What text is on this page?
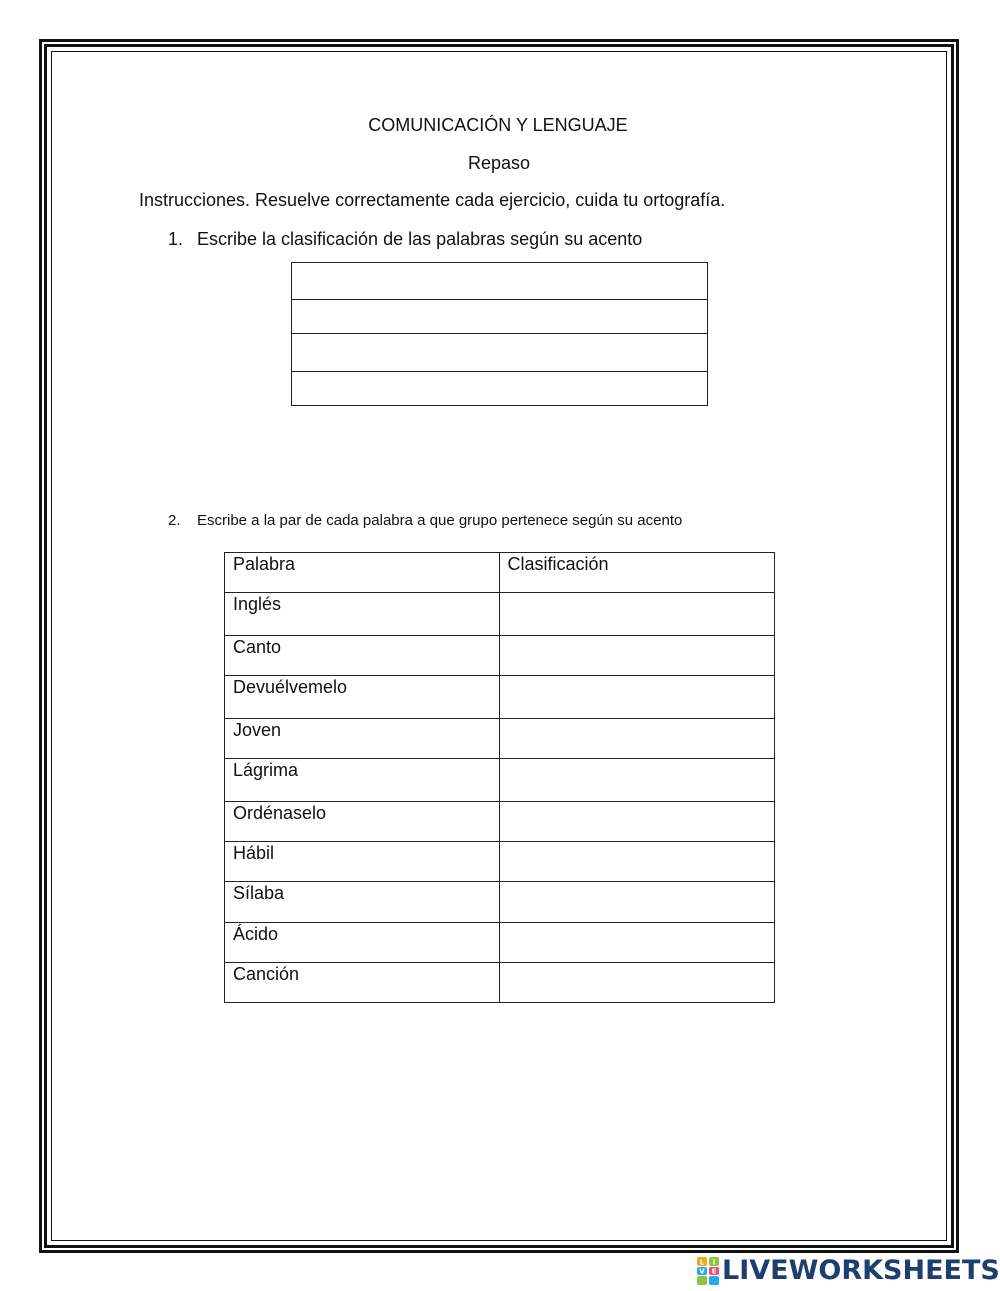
COMUNICACIÓN Y LENGUAJE
Repaso
Instrucciones. Resuelve correctamente cada ejercicio, cuida tu ortografía.
1. Escribe la clasificación de las palabras según su acento

2. Escribe a la par de cada palabra a que grupo pertenece según su acento
Palabra	Clasificación
Inglés	
Canto	
Devuélvemelo	
Joven	
Lágrima	
Ordénaselo	
Hábil	
Sílaba	
Ácido	
Canción	
L I
V E LIVEWORKSHEETS
